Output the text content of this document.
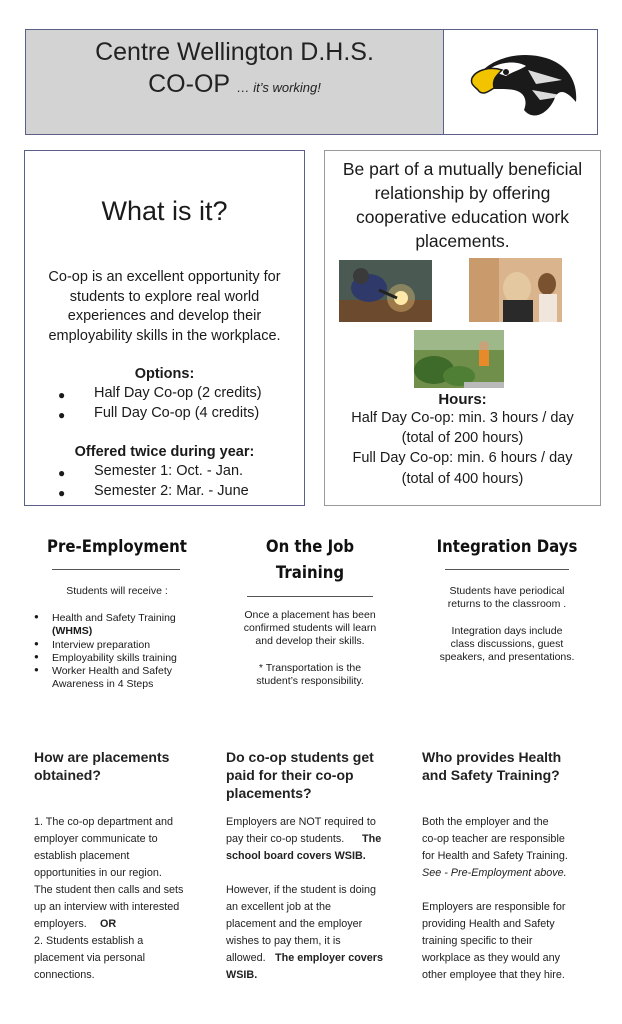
Centre Wellington D.H.S.
CO-OP … it’s working!
What is it?
Co-op is an excellent opportunity for students to explore real world experiences and develop their employability skills in the workplace.
Options:
● Half Day Co-op (2 credits)
● Full Day Co-op (4 credits)
Offered twice during year:
● Semester 1: Oct. - Jan.
● Semester 2: Mar. - June
Be part of a mutually beneficial relationship by offering cooperative education work placements.
Hours:
Half Day Co-op: min. 3 hours / day
(total of 200 hours)
Full Day Co-op: min. 6 hours / day
(total of 400 hours)
Pre-Employment
Students will receive :
● Health and Safety Training
(WHMS)
● Interview preparation
● Employability skills training
● Worker Health and Safety
Awareness in 4 Steps
On the Job
Training
Once a placement has been
confirmed students will learn
and develop their skills.
* Transportation is the
student’s responsibility.
Integration Days
Students have periodical
returns to the classroom .
Integration days include
class discussions, guest
speakers, and presentations.
How are placements
obtained?
1. The co-op department and
employer communicate to
establish placement
opportunities in our region.
The student then calls and sets
up an interview with interested
employers. OR
2. Students establish a
placement via personal
connections.
Do co-op students get
paid for their co-op
placements?
Employers are NOT required to
pay their co-op students. The
school board covers WSIB.
However, if the student is doing
an excellent job at the
placement and the employer
wishes to pay them, it is
allowed. The employer covers
WSIB.
Who provides Health
and Safety Training?
Both the employer and the
co-op teacher are responsible
for Health and Safety Training.
See - Pre-Employment above.
Employers are responsible for
providing Health and Safety
training specific to their
workplace as they would any
other employee that they hire.
